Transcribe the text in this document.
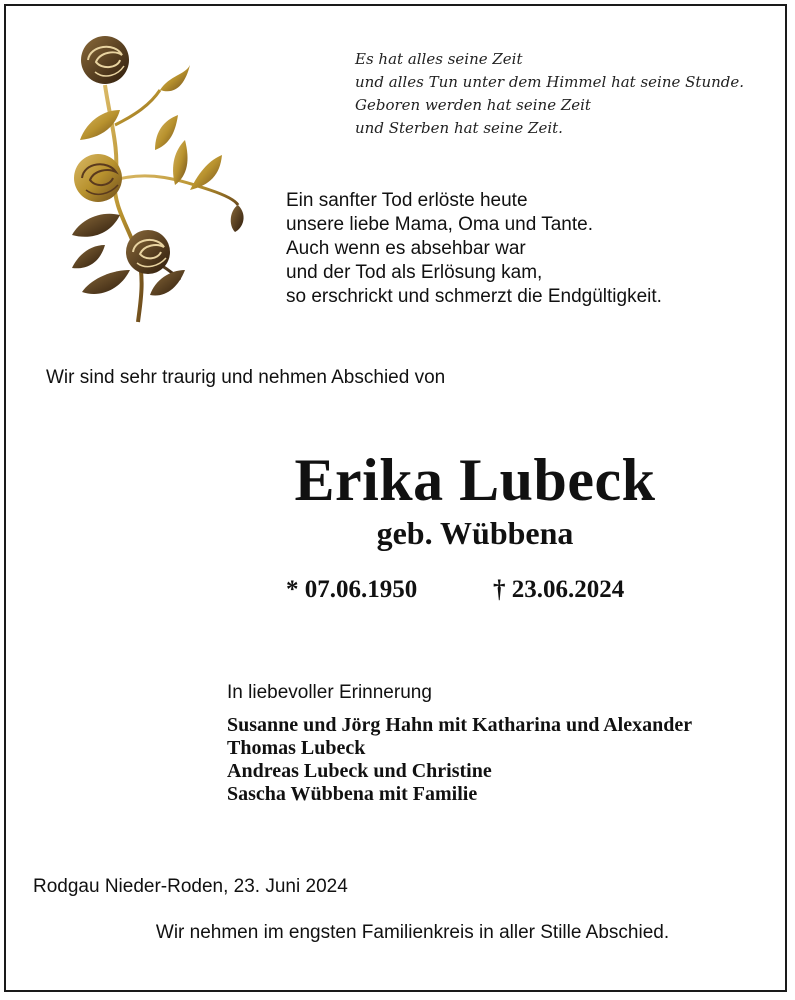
Es hat alles seine Zeit
und alles Tun unter dem Himmel hat seine Stunde.
Geboren werden hat seine Zeit
und Sterben hat seine Zeit.
Ein sanfter Tod erlöste heute
unsere liebe Mama, Oma und Tante.
Auch wenn es absehbar war
und der Tod als Erlösung kam,
so erschrickt und schmerzt die Endgültigkeit.
Wir sind sehr traurig und nehmen Abschied von
Erika Lubeck
geb. Wübbena
* 07.06.1950	† 23.06.2024
In liebevoller Erinnerung
Susanne und Jörg Hahn mit Katharina und Alexander
Thomas Lubeck
Andreas Lubeck und Christine
Sascha Wübbena mit Familie
Rodgau Nieder-Roden, 23. Juni 2024
Wir nehmen im engsten Familienkreis in aller Stille Abschied.
